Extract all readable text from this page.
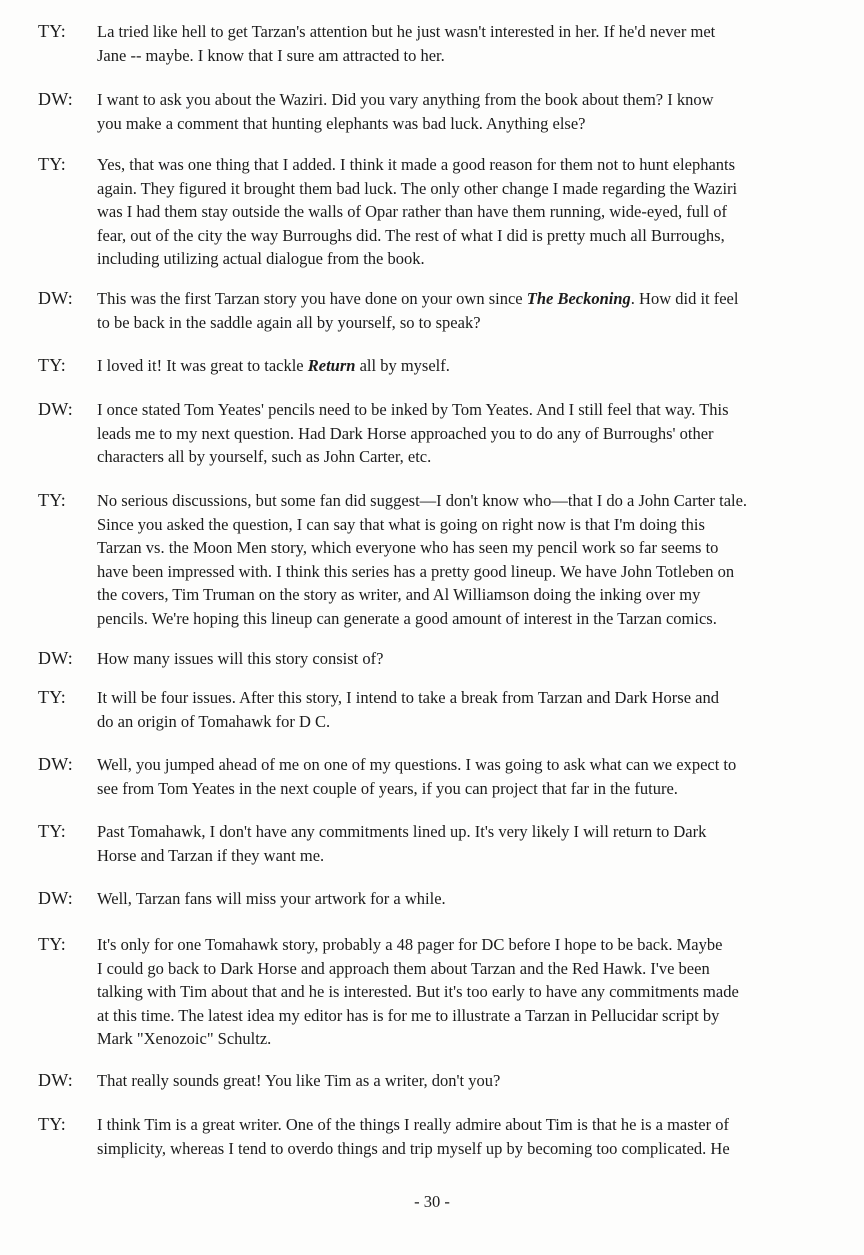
TY: La tried like hell to get Tarzan's attention but he just wasn't interested in her. If he'd never met
Jane -- maybe. I know that I sure am attracted to her.
DW: I want to ask you about the Waziri. Did you vary anything from the book about them? I know
you make a comment that hunting elephants was bad luck. Anything else?
TY: Yes, that was one thing that I added. I think it made a good reason for them not to hunt elephants
again. They figured it brought them bad luck. The only other change I made regarding the Waziri
was I had them stay outside the walls of Opar rather than have them running, wide-eyed, full of
fear, out of the city the way Burroughs did. The rest of what I did is pretty much all Burroughs,
including utilizing actual dialogue from the book.
DW: This was the first Tarzan story you have done on your own since The Beckoning. How did it feel
to be back in the saddle again all by yourself, so to speak?
TY: I loved it! It was great to tackle Return all by myself.
DW: I once stated Tom Yeates' pencils need to be inked by Tom Yeates. And I still feel that way. This
leads me to my next question. Had Dark Horse approached you to do any of Burroughs' other
characters all by yourself, such as John Carter, etc.
TY: No serious discussions, but some fan did suggest—I don't know who—that I do a John Carter tale.
Since you asked the question, I can say that what is going on right now is that I'm doing this
Tarzan vs. the Moon Men story, which everyone who has seen my pencil work so far seems to
have been impressed with. I think this series has a pretty good lineup. We have John Totleben on
the covers, Tim Truman on the story as writer, and Al Williamson doing the inking over my
pencils. We're hoping this lineup can generate a good amount of interest in the Tarzan comics.
DW: How many issues will this story consist of?
TY: It will be four issues. After this story, I intend to take a break from Tarzan and Dark Horse and
do an origin of Tomahawk for D C.
DW: Well, you jumped ahead of me on one of my questions. I was going to ask what can we expect to
see from Tom Yeates in the next couple of years, if you can project that far in the future.
TY: Past Tomahawk, I don't have any commitments lined up. It's very likely I will return to Dark
Horse and Tarzan if they want me.
DW: Well, Tarzan fans will miss your artwork for a while.
TY: It's only for one Tomahawk story, probably a 48 pager for DC before I hope to be back. Maybe
I could go back to Dark Horse and approach them about Tarzan and the Red Hawk. I've been
talking with Tim about that and he is interested. But it's too early to have any commitments made
at this time. The latest idea my editor has is for me to illustrate a Tarzan in Pellucidar script by
Mark "Xenozoic" Schultz.
DW: That really sounds great! You like Tim as a writer, don't you?
TY: I think Tim is a great writer. One of the things I really admire about Tim is that he is a master of
simplicity, whereas I tend to overdo things and trip myself up by becoming too complicated. He
- 30 -
